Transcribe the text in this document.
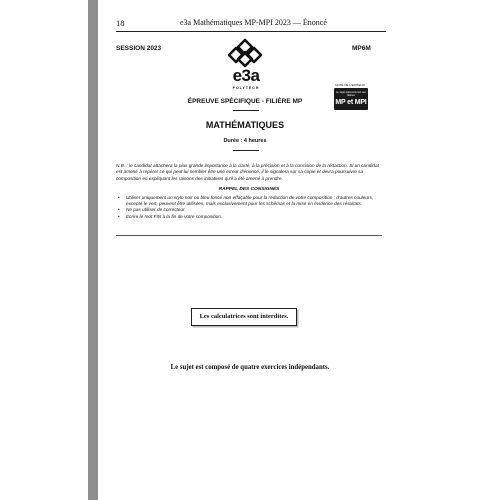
18	e3a Mathématiques MP-MPI 2023 — Énoncé
SESSION 2023	MP6M
e3a
POLYTECH
NOTE DE L'EDITEUR
Le sujet était commun aux filières
MP et MPI
ÉPREUVE SPÉCIFIQUE - FILIÈRE MP
MATHÉMATIQUES
Durée : 4 heures
N.B. : le candidat attachera la plus grande importance à la clarté, à la précision et à la concision de la rédaction. Si un candidat est amené à repérer ce qui peut lui sembler être une erreur d'énoncé, il le signalera sur sa copie et devra poursuivre sa composition en expliquant les raisons des initiatives qu'il a été amené à prendre.
RAPPEL DES CONSIGNES
• Utiliser uniquement un stylo noir ou bleu foncé non effaçable pour la rédaction de votre composition ; d'autres couleurs, excepté le vert, peuvent être utilisées, mais exclusivement pour les schémas et la mise en évidence des résultats.
• Ne pas utiliser de correcteur.
• Écrire le mot FIN à la fin de votre composition.
Les calculatrices sont interdites.
Le sujet est composé de quatre exercices indépendants.
